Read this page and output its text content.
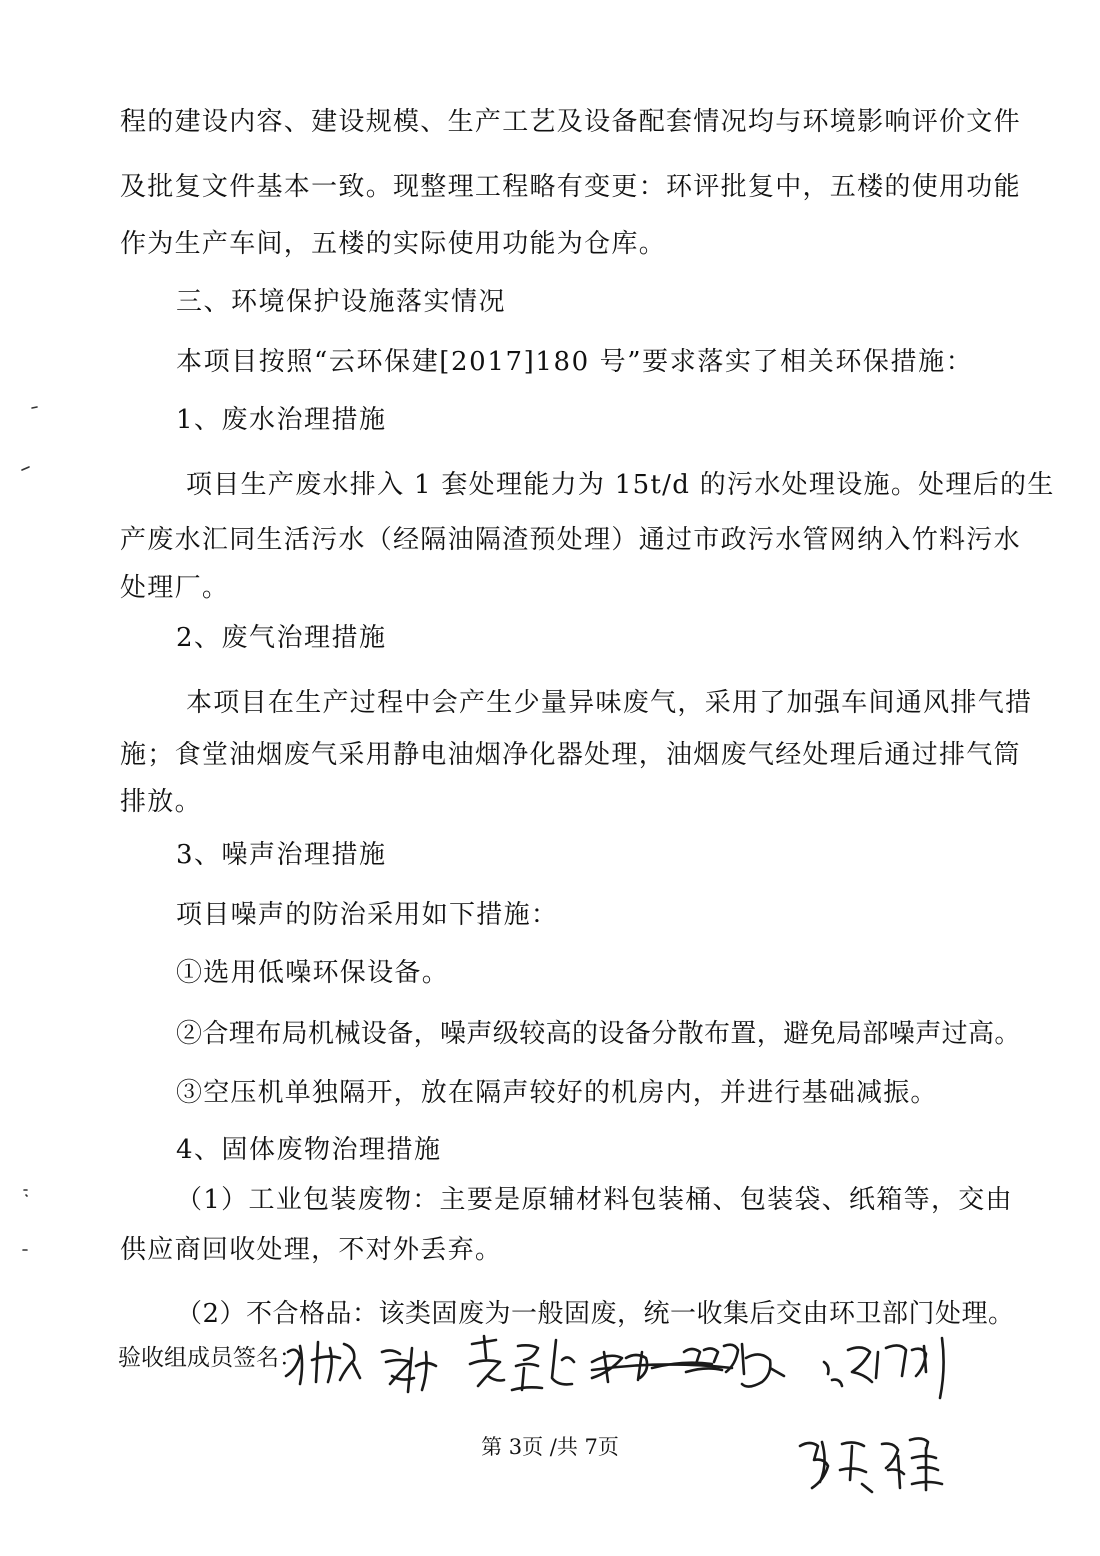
程的建设内容、建设规模、生产工艺及设备配套情况均与环境影响评价文件

及批复文件基本一致。现整理工程略有变更：环评批复中，五楼的使用功能

作为生产车间，五楼的实际使用功能为仓库。

三、环境保护设施落实情况

本项目按照“云环保建[2017]180 号”要求落实了相关环保措施：

1、废水治理措施

项目生产废水排入 1 套处理能力为 15t/d 的污水处理设施。处理后的生

产废水汇同生活污水（经隔油隔渣预处理）通过市政污水管网纳入竹料污水

处理厂。

2、废气治理措施

本项目在生产过程中会产生少量异味废气，采用了加强车间通风排气措

施；食堂油烟废气采用静电油烟净化器处理，油烟废气经处理后通过排气筒

排放。

3、噪声治理措施

项目噪声的防治采用如下措施：

①选用低噪环保设备。

②合理布局机械设备，噪声级较高的设备分散布置，避免局部噪声过高。

③空压机单独隔开，放在隔声较好的机房内，并进行基础减振。

4、固体废物治理措施

（1）工业包装废物：主要是原辅材料包装桶、包装袋、纸箱等，交由

供应商回收处理，不对外丢弃。

（2）不合格品：该类固废为一般固废，统一收集后交由环卫部门处理。

验收组成员签名：

第 3页 /共 7页
